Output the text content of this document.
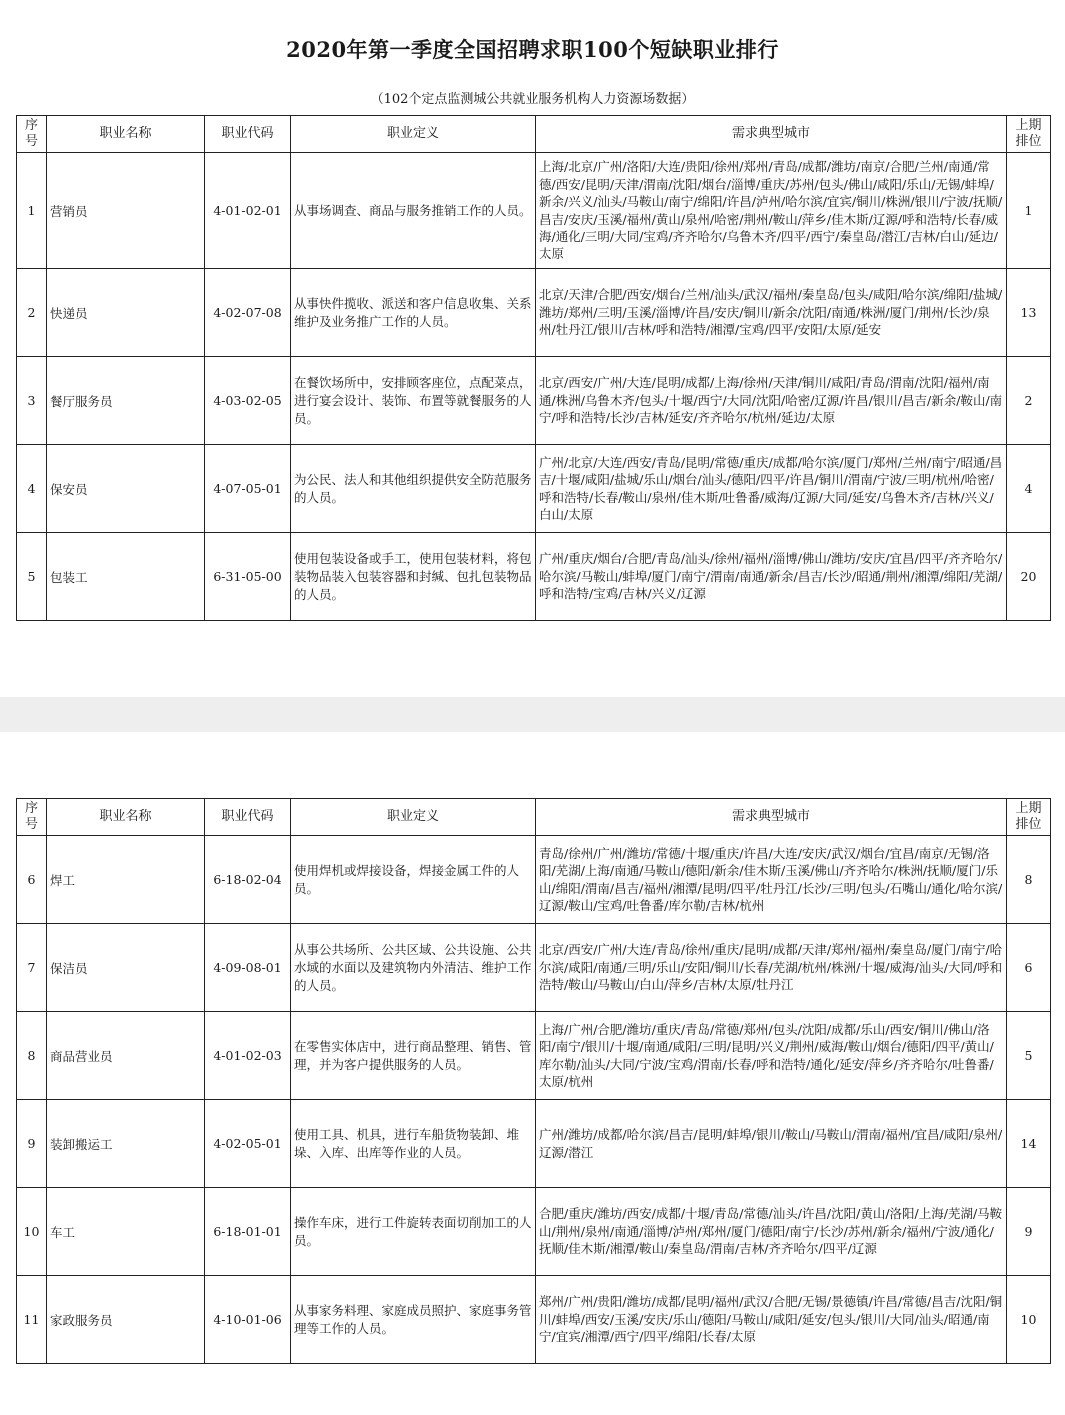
2020年第一季度全国招聘求职100个短缺职业排行
（102个定点监测城公共就业服务机构人力资源场数据）
序号	职业名称	职业代码	职业定义	需求典型城市	上期排位
1	营销员	4-01-02-01	从事场调查、商品与服务推销工作的人员。	上海/北京/广州/洛阳/大连/贵阳/徐州/郑州/青岛/成都/潍坊/南京/合肥/兰州/南通/常德/西安/昆明/天津/渭南/沈阳/烟台/淄博/重庆/苏州/包头/佛山/咸阳/乐山/无锡/蚌埠/新余/兴义/汕头/马鞍山/南宁/绵阳/许昌/泸州/哈尔滨/宜宾/铜川/株洲/银川/宁波/抚顺/昌吉/安庆/玉溪/福州/黄山/泉州/哈密/荆州/鞍山/萍乡/佳木斯/辽源/呼和浩特/长春/威海/通化/三明/大同/宝鸡/齐齐哈尔/乌鲁木齐/四平/西宁/秦皇岛/潜江/吉林/白山/延边/太原	1
2	快递员	4-02-07-08	从事快件揽收、派送和客户信息收集、关系维护及业务推广工作的人员。	北京/天津/合肥/西安/烟台/兰州/汕头/武汉/福州/秦皇岛/包头/咸阳/哈尔滨/绵阳/盐城/潍坊/郑州/三明/玉溪/淄博/许昌/安庆/铜川/新余/沈阳/南通/株洲/厦门/荆州/长沙/泉州/牡丹江/银川/吉林/呼和浩特/湘潭/宝鸡/四平/安阳/太原/延安	13
3	餐厅服务员	4-03-02-05	在餐饮场所中，安排顾客座位，点配菜点，进行宴会设计、装饰、布置等就餐服务的人员。	北京/西安/广州/大连/昆明/成都/上海/徐州/天津/铜川/咸阳/青岛/渭南/沈阳/福州/南通/株洲/乌鲁木齐/包头/十堰/西宁/大同/沈阳/哈密/辽源/许昌/银川/昌吉/新余/鞍山/南宁/呼和浩特/长沙/吉林/延安/齐齐哈尔/杭州/延边/太原	2
4	保安员	4-07-05-01	为公民、法人和其他组织提供安全防范服务的人员。	广州/北京/大连/西安/青岛/昆明/常德/重庆/成都/哈尔滨/厦门/郑州/兰州/南宁/昭通/昌吉/十堰/咸阳/盐城/乐山/烟台/汕头/德阳/四平/许昌/铜川/渭南/宁波/三明/杭州/哈密/呼和浩特/长春/鞍山/泉州/佳木斯/吐鲁番/威海/辽源/大同/延安/乌鲁木齐/吉林/兴义/白山/太原	4
5	包装工	6-31-05-00	使用包装设备或手工，使用包装材料，将包装物品装入包装容器和封缄、包扎包装物品的人员。	广州/重庆/烟台/合肥/青岛/汕头/徐州/福州/淄博/佛山/潍坊/安庆/宜昌/四平/齐齐哈尔/哈尔滨/马鞍山/蚌埠/厦门/南宁/渭南/南通/新余/昌吉/长沙/昭通/荆州/湘潭/绵阳/芜湖/呼和浩特/宝鸡/吉林/兴义/辽源	20
序号	职业名称	职业代码	职业定义	需求典型城市	上期排位
6	焊工	6-18-02-04	使用焊机或焊接设备，焊接金属工件的人员。	青岛/徐州/广州/潍坊/常德/十堰/重庆/许昌/大连/安庆/武汉/烟台/宜昌/南京/无锡/洛阳/芜湖/上海/南通/马鞍山/德阳/新余/佳木斯/玉溪/佛山/齐齐哈尔/株洲/抚顺/厦门/乐山/绵阳/渭南/昌吉/福州/湘潭/昆明/四平/牡丹江/长沙/三明/包头/石嘴山/通化/哈尔滨/辽源/鞍山/宝鸡/吐鲁番/库尔勒/吉林/杭州	8
7	保洁员	4-09-08-01	从事公共场所、公共区域、公共设施、公共水域的水面以及建筑物内外清洁、维护工作的人员。	北京/西安/广州/大连/青岛/徐州/重庆/昆明/成都/天津/郑州/福州/秦皇岛/厦门/南宁/哈尔滨/咸阳/南通/三明/乐山/安阳/铜川/长春/芜湖/杭州/株洲/十堰/威海/汕头/大同/呼和浩特/鞍山/马鞍山/白山/萍乡/吉林/太原/牡丹江	6
8	商品营业员	4-01-02-03	在零售实体店中，进行商品整理、销售、管理，并为客户提供服务的人员。	上海/广州/合肥/潍坊/重庆/青岛/常德/郑州/包头/沈阳/成都/乐山/西安/铜川/佛山/洛阳/南宁/银川/十堰/南通/咸阳/三明/昆明/兴义/荆州/威海/鞍山/烟台/德阳/四平/黄山/库尔勒/汕头/大同/宁波/宝鸡/渭南/长春/呼和浩特/通化/延安/萍乡/齐齐哈尔/吐鲁番/太原/杭州	5
9	装卸搬运工	4-02-05-01	使用工具、机具，进行车船货物装卸、堆垛、入库、出库等作业的人员。	广州/潍坊/成都/哈尔滨/昌吉/昆明/蚌埠/银川/鞍山/马鞍山/渭南/福州/宜昌/咸阳/泉州/辽源/潜江	14
10	车工	6-18-01-01	操作车床，进行工件旋转表面切削加工的人员。	合肥/重庆/潍坊/西安/成都/十堰/青岛/常德/汕头/许昌/沈阳/黄山/洛阳/上海/芜湖/马鞍山/荆州/泉州/南通/淄博/泸州/郑州/厦门/德阳/南宁/长沙/苏州/新余/福州/宁波/通化/抚顺/佳木斯/湘潭/鞍山/秦皇岛/渭南/吉林/齐齐哈尔/四平/辽源	9
11	家政服务员	4-10-01-06	从事家务料理、家庭成员照护、家庭事务管理等工作的人员。	郑州/广州/贵阳/潍坊/成都/昆明/福州/武汉/合肥/无锡/景德镇/许昌/常德/昌吉/沈阳/铜川/蚌埠/西安/玉溪/安庆/乐山/德阳/马鞍山/咸阳/延安/包头/银川/大同/汕头/昭通/南宁/宜宾/湘潭/西宁/四平/绵阳/长春/太原	10
